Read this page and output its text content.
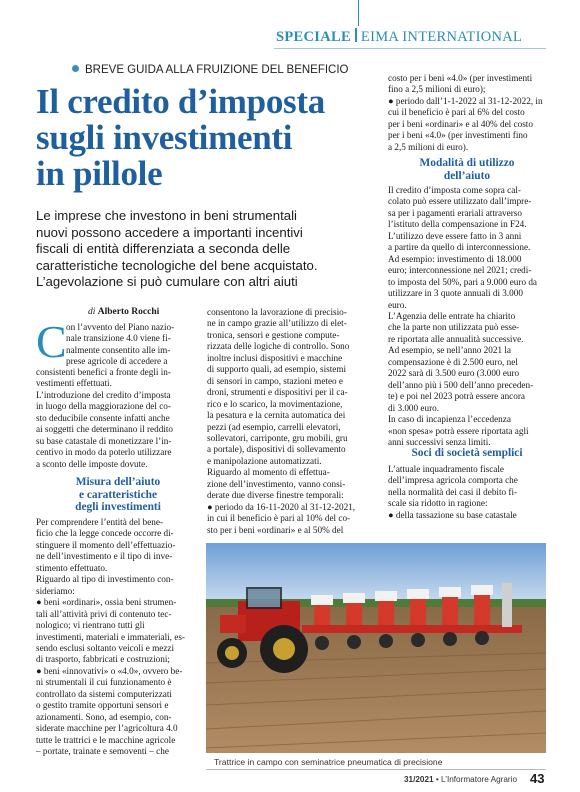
SPECIALE EIMA INTERNATIONAL
BREVE GUIDA ALLA FRUIZIONE DEL BENEFICIO
Il credito d’imposta
sugli investimenti
in pillole
Le imprese che investono in beni strumentali
nuovi possono accedere a importanti incentivi
fiscali di entità differenziata a seconda delle
caratteristiche tecnologiche del bene acquistato.
L’agevolazione si può cumulare con altri aiuti
di Alberto Rocchi
C on l’avvento del Piano nazio-
nale transizione 4.0 viene fi-
nalmente consentito alle im-
prese agricole di accedere a
consistenti benefici a fronte degli in-
vestimenti effettuati.
L’introduzione del credito d’imposta
in luogo della maggiorazione del co-
sto deducibile consente infatti anche
ai soggetti che determinano il reddito
su base catastale di monetizzare l’in-
centivo in modo da poterlo utilizzare
a sconto delle imposte dovute.
Misura dell’aiuto
e caratteristiche
degli investimenti
Per comprendere l’entità del bene-
ficio che la legge concede occorre di-
stinguere il momento dell’effettuazio-
ne dell’investimento e il tipo di inve-
stimento effettuato.
Riguardo al tipo di investimento con-
sideriamo:
● beni «ordinari», ossia beni strumen-
tali all’attività privi di contenuto tec-
nologico; vi rientrano tutti gli
investimenti, materiali e immateriali, es-
sendo esclusi soltanto veicoli e mezzi
di trasporto, fabbricati e costruzioni;
● beni «innovativi» o «4.0», ovvero be-
ni strumentali il cui funzionamento è
controllato da sistemi computerizzati
o gestito tramite opportuni sensori e
azionamenti. Sono, ad esempio, con-
siderate macchine per l’agricoltura 4.0
tutte le trattrici e le macchine agricole
– portate, trainate e semoventi – che
consentono la lavorazione di precisio-
ne in campo grazie all’utilizzo di elet-
tronica, sensori e gestione compute-
rizzata delle logiche di controllo. Sono
inoltre inclusi dispositivi e macchine
di supporto quali, ad esempio, sistemi
di sensori in campo, stazioni meteo e
droni, strumenti e dispositivi per il ca-
rico e lo scarico, la movimentazione,
la pesatura e la cernita automatica dei
pezzi (ad esempio, carrelli elevatori,
sollevatori, carriponte, gru mobili, gru
a portale), dispositivi di sollevamento
e manipolazione automatizzati.
Riguardo al momento di effettua-
zione dell’investimento, vanno consi-
derate due diverse finestre temporali:
● periodo da 16-11-2020 al 31-12-2021,
in cui il beneficio è pari al 10% del co-
sto per i beni «ordinari» e al 50% del
costo per i beni «4.0» (per investimenti
fino a 2,5 milioni di euro);
● periodo dall’1-1-2022 al 31-12-2022, in
cui il beneficio è pari al 6% del costo
per i beni «ordinari» e al 40% del costo
per i beni «4.0» (per investimenti fino
a 2,5 milioni di euro).
Modalità di utilizzo
dell’aiuto
Il credito d’imposta come sopra cal-
colato può essere utilizzato dall’impre-
sa per i pagamenti erariali attraverso
l’istituto della compensazione in F24.
L’utilizzo deve essere fatto in 3 anni
a partire da quello di interconnessione.
Ad esempio: investimento di 18.000
euro; interconnessione nel 2021; credi-
to imposta del 50%, pari a 9.000 euro da
utilizzare in 3 quote annuali di 3.000
euro.
L’Agenzia delle entrate ha chiarito
che la parte non utilizzata può esse-
re riportata alle annualità successive.
Ad esempio, se nell’anno 2021 la
compensazione è di 2.500 euro, nel
2022 sarà di 3.500 euro (3.000 euro
dell’anno più i 500 dell’anno preceden-
te) e poi nel 2023 potrà essere ancora
di 3.000 euro.
In caso di incapienza l’eccedenza
«non spesa» potrà essere riportata agli
anni successivi senza limiti.
Soci di società semplici
L’attuale inquadramento fiscale
dell’impresa agricola comporta che
nella normalità dei casi il debito fi-
scale sia ridotto in ragione:
● della tassazione su base catastale
Trattrice in campo con seminatrice pneumatica di precisione
31/2021 • L’Informatore Agrario 43
